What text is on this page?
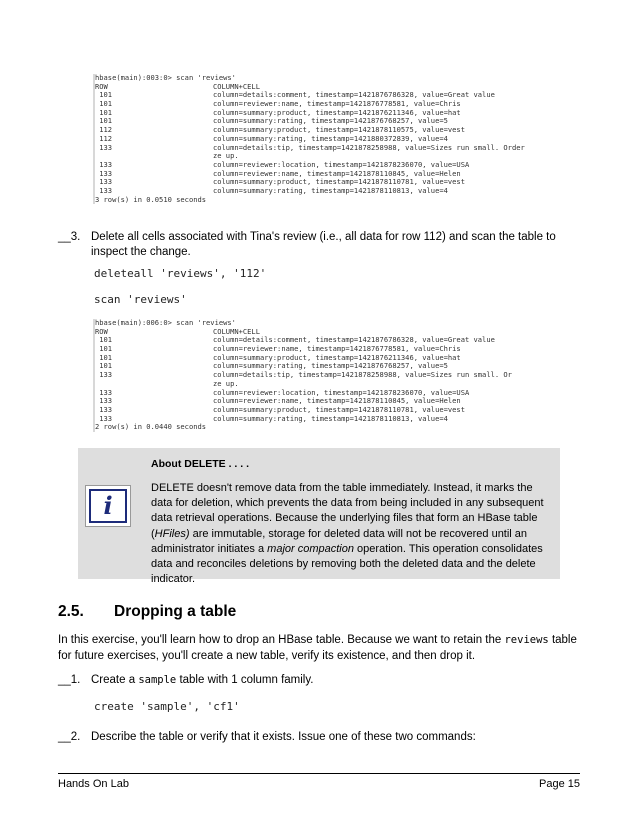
hbase(main):003:0> scan 'reviews'
ROW	COLUMN+CELL
101	column=details:comment, timestamp=1421876786328, value=Great value
101	column=reviewer:name, timestamp=1421876778581, value=Chris
101	column=summary:product, timestamp=1421876211346, value=hat
101	column=summary:rating, timestamp=1421876768257, value=5
112	column=summary:product, timestamp=1421878110575, value=vest
112	column=summary:rating, timestamp=1421880372839, value=4
133	column=details:tip, timestamp=1421878258988, value=Sizes run small. Order
ze up.
133	column=reviewer:location, timestamp=1421878236070, value=USA
133	column=reviewer:name, timestamp=1421878110845, value=Helen
133	column=summary:product, timestamp=1421878110781, value=vest
133	column=summary:rating, timestamp=1421878110813, value=4
3 row(s) in 0.0510 seconds
__3. Delete all cells associated with Tina's review (i.e., all data for row 112) and scan the table to inspect the change.
deleteall 'reviews', '112'
scan 'reviews'
hbase(main):006:0> scan 'reviews'
ROW	COLUMN+CELL
101	column=details:comment, timestamp=1421876786328, value=Great value
101	column=reviewer:name, timestamp=1421876778581, value=Chris
101	column=summary:product, timestamp=1421876211346, value=hat
101	column=summary:rating, timestamp=1421876768257, value=5
133	column=details:tip, timestamp=1421878258988, value=Sizes run small. Or
ze up.
133	column=reviewer:location, timestamp=1421878236070, value=USA
133	column=reviewer:name, timestamp=1421878110845, value=Helen
133	column=summary:product, timestamp=1421878110781, value=vest
133	column=summary:rating, timestamp=1421878110813, value=4
2 row(s) in 0.0440 seconds
i
About DELETE . . . .
DELETE doesn't remove data from the table immediately. Instead, it marks the data for deletion, which prevents the data from being included in any subsequent data retrieval operations. Because the underlying files that form an HBase table (HFiles) are immutable, storage for deleted data will not be recovered until an administrator initiates a major compaction operation. This operation consolidates data and reconciles deletions by removing both the deleted data and the delete indicator.
2.5. Dropping a table
In this exercise, you'll learn how to drop an HBase table. Because we want to retain the reviews table for future exercises, you'll create a new table, verify its existence, and then drop it.
__1. Create a sample table with 1 column family.
create 'sample', 'cf1'
__2. Describe the table or verify that it exists. Issue one of these two commands:
Hands On Lab	Page 15
